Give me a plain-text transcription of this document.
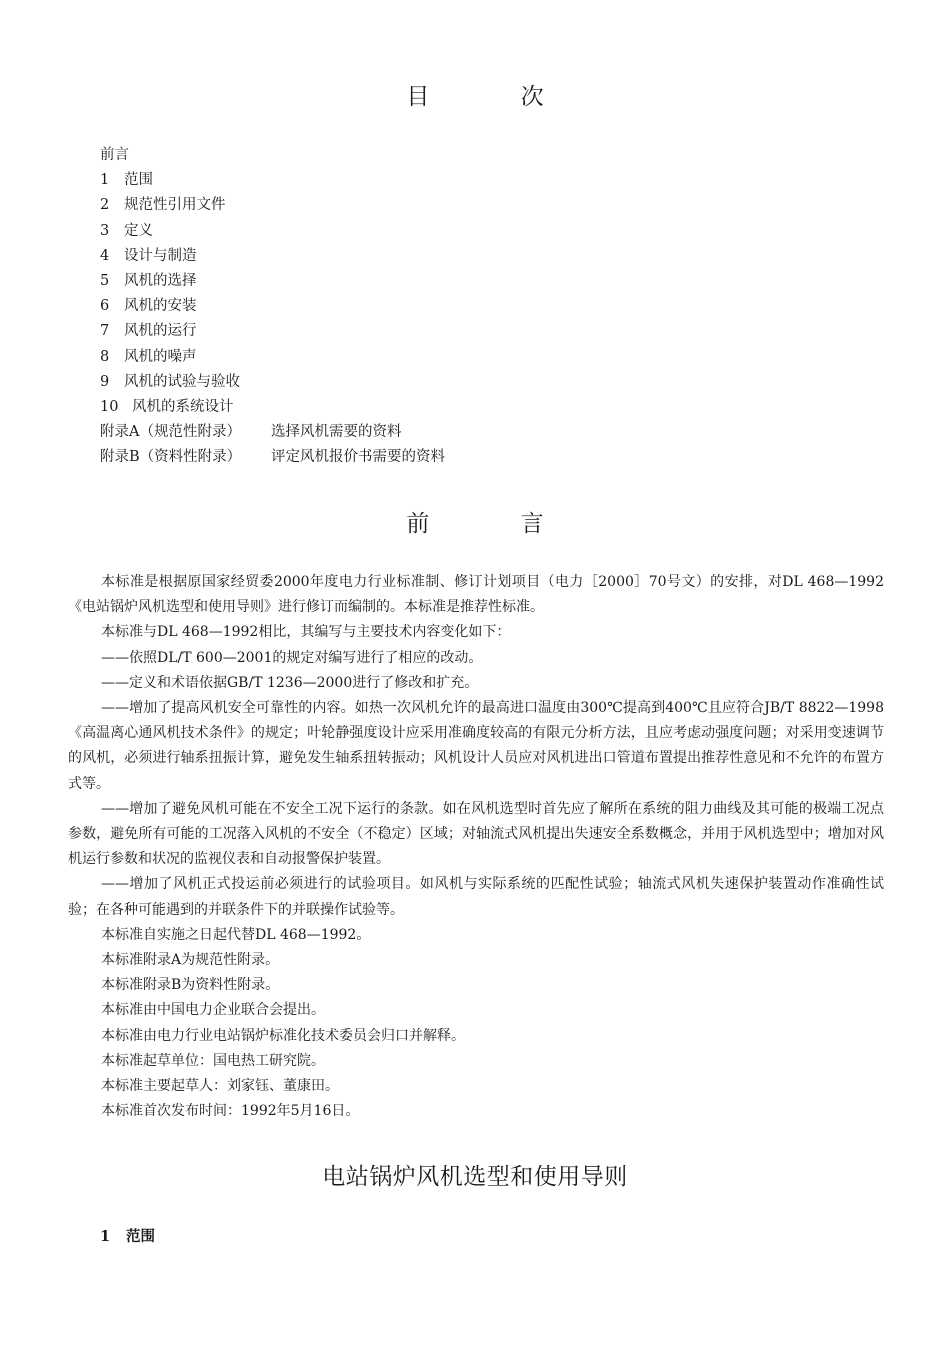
目 次
前言
1 范围
2 规范性引用文件
3 定义
4 设计与制造
5 风机的选择
6 风机的安装
7 风机的运行
8 风机的噪声
9 风机的试验与验收
10 风机的系统设计
附录A（规范性附录） 选择风机需要的资料
附录B（资料性附录） 评定风机报价书需要的资料
前 言

本标准是根据原国家经贸委2000年度电力行业标准制、修订计划项目（电力［2000］70号文）的安排，对DL 468—1992《电站锅炉风机选型和使用导则》进行修订而编制的。本标准是推荐性标准。

本标准与DL 468—1992相比，其编写与主要技术内容变化如下：

——依照DL/T 600—2001的规定对编写进行了相应的改动。

——定义和术语依据GB/T 1236—2000进行了修改和扩充。

——增加了提高风机安全可靠性的内容。如热一次风机允许的最高进口温度由300℃提高到400℃且应符合JB/T 8822—1998《高温离心通风机技术条件》的规定；叶轮静强度设计应采用准确度较高的有限元分析方法，且应考虑动强度问题；对采用变速调节的风机，必须进行轴系扭振计算，避免发生轴系扭转振动；风机设计人员应对风机进出口管道布置提出推荐性意见和不允许的布置方式等。

——增加了避免风机可能在不安全工况下运行的条款。如在风机选型时首先应了解所在系统的阻力曲线及其可能的极端工况点参数，避免所有可能的工况落入风机的不安全（不稳定）区域；对轴流式风机提出失速安全系数概念，并用于风机选型中；增加对风机运行参数和状况的监视仪表和自动报警保护装置。

——增加了风机正式投运前必须进行的试验项目。如风机与实际系统的匹配性试验；轴流式风机失速保护装置动作准确性试验；在各种可能遇到的并联条件下的并联操作试验等。

本标准自实施之日起代替DL 468—1992。

本标准附录A为规范性附录。

本标准附录B为资料性附录。

本标准由中国电力企业联合会提出。

本标准由电力行业电站锅炉标准化技术委员会归口并解释。

本标准起草单位：国电热工研究院。

本标准主要起草人：刘家钰、董康田。

本标准首次发布时间：1992年5月16日。

电站锅炉风机选型和使用导则
1 范围
